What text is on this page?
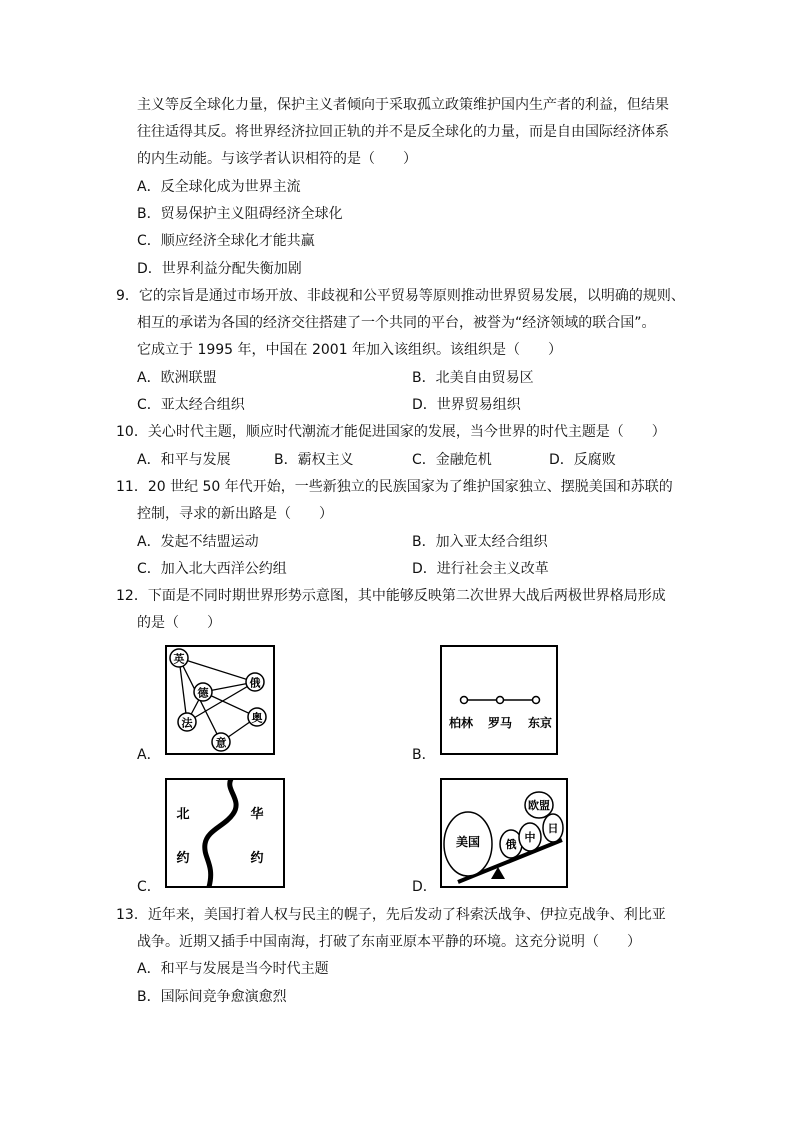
主义等反全球化力量，保护主义者倾向于采取孤立政策维护国内生产者的利益，但结果
往往适得其反。将世界经济拉回正轨的并不是反全球化的力量，而是自由国际经济体系
的内生动能。与该学者认识相符的是（　　）
A．反全球化成为世界主流
B．贸易保护主义阻碍经济全球化
C．顺应经济全球化才能共赢
D．世界利益分配失衡加剧
9．它的宗旨是通过市场开放、非歧视和公平贸易等原则推动世界贸易发展，以明确的规则、
相互的承诺为各国的经济交往搭建了一个共同的平台，被誉为“经济领域的联合国”。
它成立于 1995 年，中国在 2001 年加入该组织。该组织是（　　）
A．欧洲联盟	B．北美自由贸易区
C．亚太经合组织	D．世界贸易组织
10．关心时代主题，顺应时代潮流才能促进国家的发展，当今世界的时代主题是（　　）
A．和平与发展	B．霸权主义	C．金融危机	D．反腐败
11．20 世纪 50 年代开始，一些新独立的民族国家为了维护国家独立、摆脱美国和苏联的
控制，寻求的新出路是（　　）
A．发起不结盟运动	B．加入亚太经合组织
C．加入北大西洋公约组	D．进行社会主义改革
12．下面是不同时期世界形势示意图，其中能够反映第二次世界大战后两极世界格局形成
的是（　　）
英
俄
德
法	奥
意
A．
柏林 罗马 东京
B．
北
约
华
约
C．
欧盟
美国 俄
中
日
D．
13．近年来，美国打着人权与民主的幌子，先后发动了科索沃战争、伊拉克战争、利比亚
战争。近期又插手中国南海，打破了东南亚原本平静的环境。这充分说明（　　）
A．和平与发展是当今时代主题
B．国际间竞争愈演愈烈
